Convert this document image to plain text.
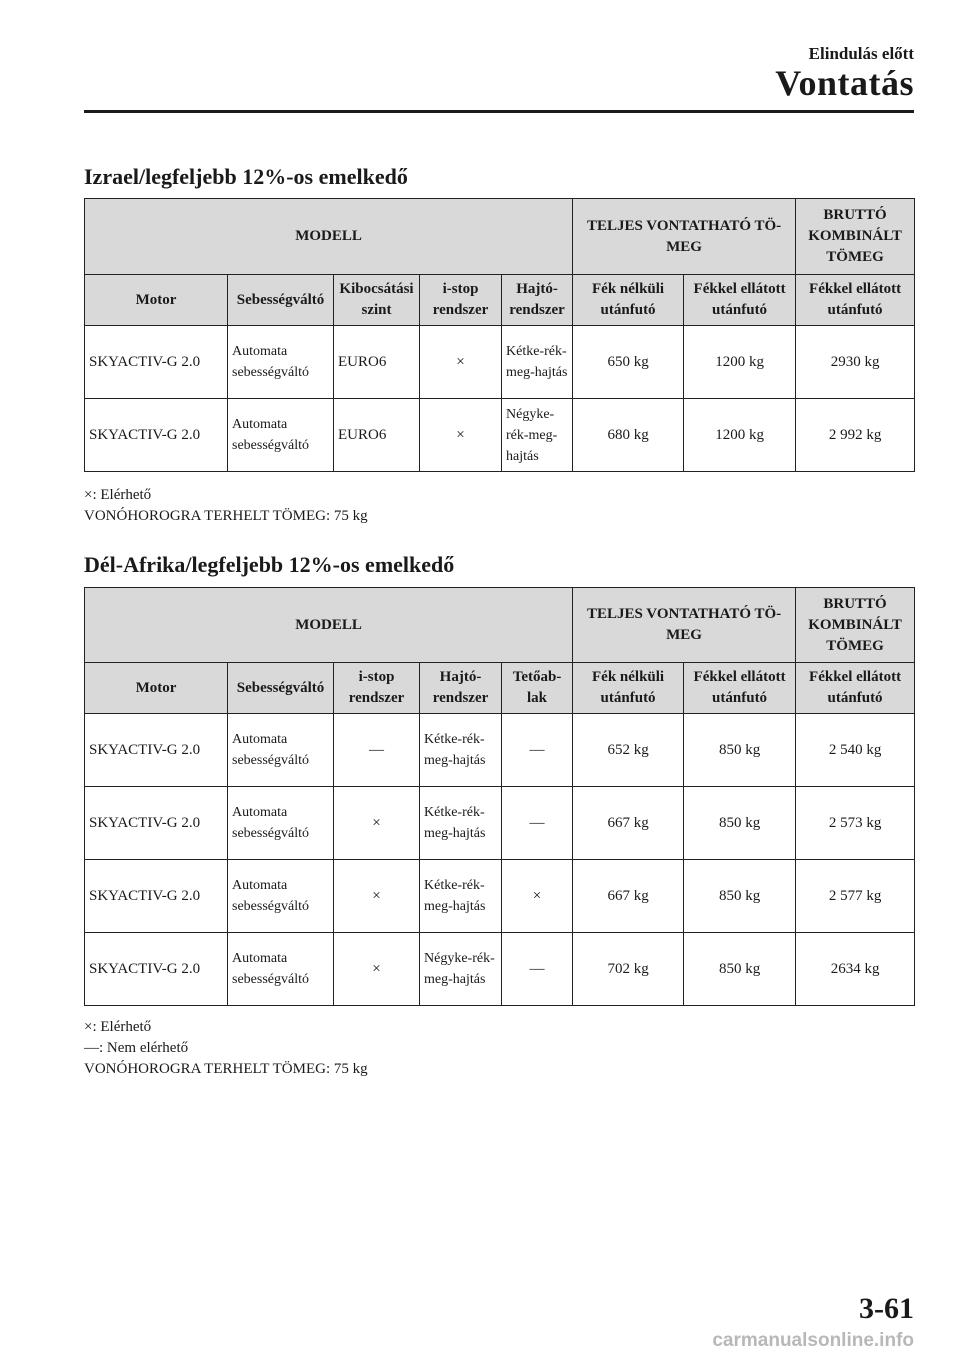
Elindulás előtt
Vontatás
Izrael/legfeljebb 12%-os emelkedő
MODELL					TELJES VONTATHATÓ TÖ-MEG		BRUTTÓ KOMBINÁLT TÖMEG
Motor	Sebességváltó	Kibocsátási szint	i-stop rendszer	Hajtó-rendszer	Fék nélküli utánfutó	Fékkel ellátott utánfutó	Fékkel ellátott utánfutó
SKYACTIV-G 2.0	Automata sebességváltó	EURO6	×	Kétke-rék-meg-hajtás	650 kg	1200 kg	2930 kg
SKYACTIV-G 2.0	Automata sebességváltó	EURO6	×	Négyke-rék-meg-hajtás	680 kg	1200 kg	2 992 kg
×: Elérhető
VONÓHOROGRA TERHELT TÖMEG: 75 kg
Dél-Afrika/legfeljebb 12%-os emelkedő
MODELL					TELJES VONTATHATÓ TÖ-MEG		BRUTTÓ KOMBINÁLT TÖMEG
Motor	Sebességváltó	i-stop rendszer	Hajtó-rendszer	Tetőab-lak	Fék nélküli utánfutó	Fékkel ellátott utánfutó	Fékkel ellátott utánfutó
SKYACTIV-G 2.0	Automata sebességváltó	—	Kétke-rék-meg-hajtás	—	652 kg	850 kg	2 540 kg
SKYACTIV-G 2.0	Automata sebességváltó	×	Kétke-rék-meg-hajtás	—	667 kg	850 kg	2 573 kg
SKYACTIV-G 2.0	Automata sebességváltó	×	Kétke-rék-meg-hajtás	×	667 kg	850 kg	2 577 kg
SKYACTIV-G 2.0	Automata sebességváltó	×	Négyke-rék-meg-hajtás	—	702 kg	850 kg	2634 kg
×: Elérhető
—: Nem elérhető
VONÓHOROGRA TERHELT TÖMEG: 75 kg
3-61
carmanualsonline.info
